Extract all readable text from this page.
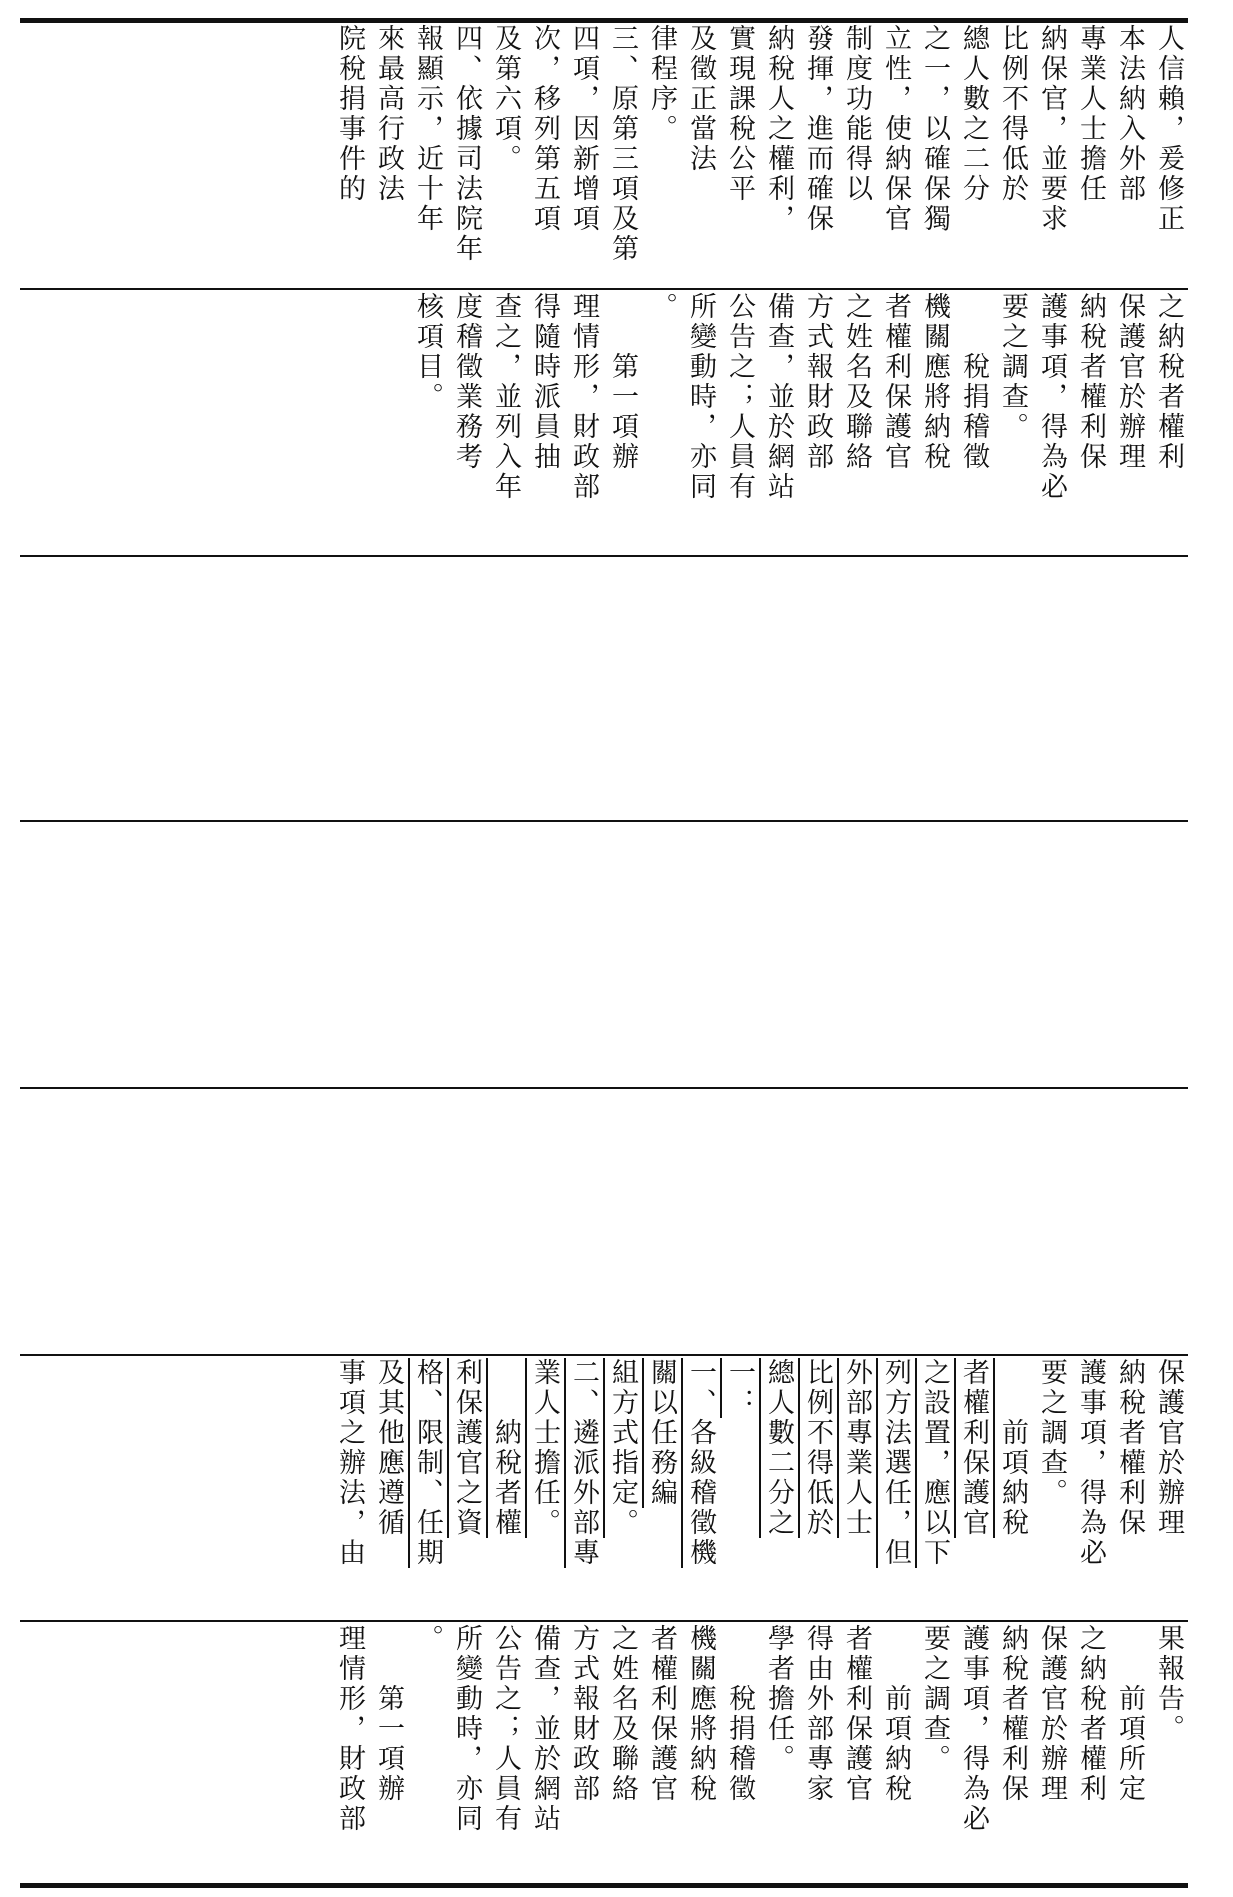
人信賴，爰修正
本法納入外部
專業人士擔任
納保官，並要求
比例不得低於
總人數之二分
之一，以確保獨
立性，使納保官
制度功能得以
發揮，進而確保
納稅人之權利，
實現課稅公平
及徵正當法
律程序。
三、原第三項及第
四項，因新增項
次，移列第五項
及第六項。
四、依據司法院年
報顯示，近十年
來最高行政法
院稅捐事件的
之納稅者權利
保護官於辦理
納稅者權利保
護事項，得為必
要之調查。
　　稅捐稽徵
機關應將納稅
者權利保護官
之姓名及聯絡
方式報財政部
備查，並於網站
公告之；人員有
所變動時，亦同
。
　　第一項辦
理情形，財政部
得隨時派員抽
查之，並列入年
度稽徵業務考
核項目。
保護官於辦理
納稅者權利保
護事項，得為必
要之調查。
　　前項納稅
者權利保護官
之設置，應以下
列方法選任，但
外部專業人士
比例不得低於
總人數二分之
一：
一、各級稽徵機
關以任務編
組方式指定。
二、遴派外部專
業人士擔任。
　　納稅者權
利保護官之資
格、限制、任期
及其他應遵循
事項之辦法，由
果報告。
　　前項所定
之納稅者權利
保護官於辦理
納稅者權利保
護事項，得為必
要之調查。
　　前項納稅
者權利保護官
得由外部專家
學者擔任。
　　稅捐稽徵
機關應將納稅
者權利保護官
之姓名及聯絡
方式報財政部
備查，並於網站
公告之；人員有
所變動時，亦同
。
　　第一項辦
理情形，財政部
